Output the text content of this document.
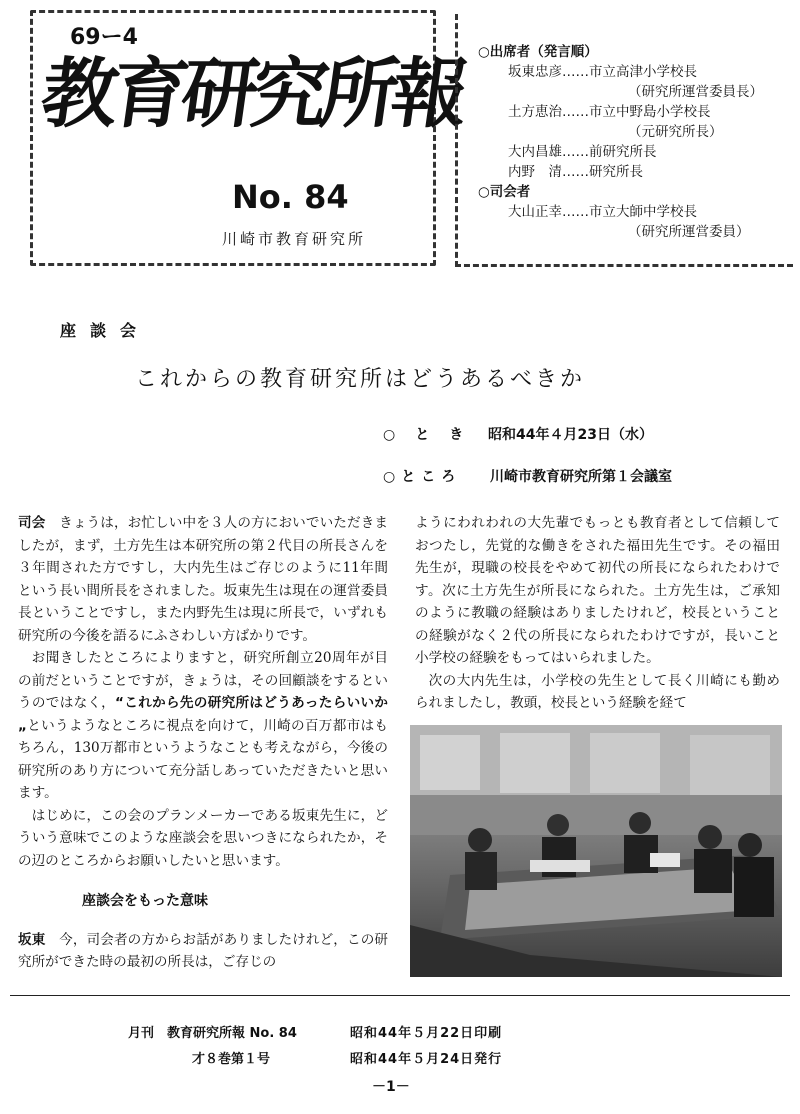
69ー4
教育研究所報
No. 84
川崎市教育研究所
○出席者（発言順）
坂東忠彦……市立高津小学校長
（研究所運営委員長）
土方恵治……市立中野島小学校長
（元研究所長）
大内昌雄……前研究所長
内野　清……研究所長
○司会者
大山正幸……市立大師中学校長
（研究所運営委員）
座談会
これからの教育研究所はどうあるべきか
○とき 昭和44年４月23日（水）
○ところ 川崎市教育研究所第１会議室

司会　きょうは，お忙しい中を３人の方においでいただきましたが，まず，土方先生は本研究所の第２代目の所長さんを３年間された方ですし，大内先生はご存じのように11年間という長い間所長をされました。坂東先生は現在の運営委員長ということですし，また内野先生は現に所長で，いずれも研究所の今後を語るにふさわしい方ばかりです。

お聞きしたところによりますと，研究所創立20周年が目の前だということですが，きょうは，その回顧談をするというのではなく，“これから先の研究所はどうあったらいいか„というようなところに視点を向けて，川崎の百万都市はもちろん，130万都市というようなことも考えながら，今後の研究所のあり方について充分話しあっていただきたいと思います。

はじめに，この会のプランメーカーである坂東先生に，どういう意味でこのような座談会を思いつきになられたか，その辺のところからお願いしたいと思います。

座談会をもった意味

坂東　今，司会者の方からお話がありましたけれど，この研究所ができた時の最初の所長は，ご存じの

ようにわれわれの大先輩でもっとも教育者として信頼しておつたし，先覚的な働きをされた福田先生です。その福田先生が，現職の校長をやめて初代の所長になられたわけです。次に土方先生が所長になられた。土方先生は，ご承知のように教職の経験はありましたけれど，校長ということの経験がなく２代の所長になられたわけですが，長いこと小学校の経験をもってはいられました。

次の大内先生は，小学校の先生として長く川崎にも勤められましたし，教頭，校長という経験を経て

月刊　教育研究所報 No. 84
才８巻第１号
昭和44年５月22日印刷
昭和44年５月24日発行
－1－
